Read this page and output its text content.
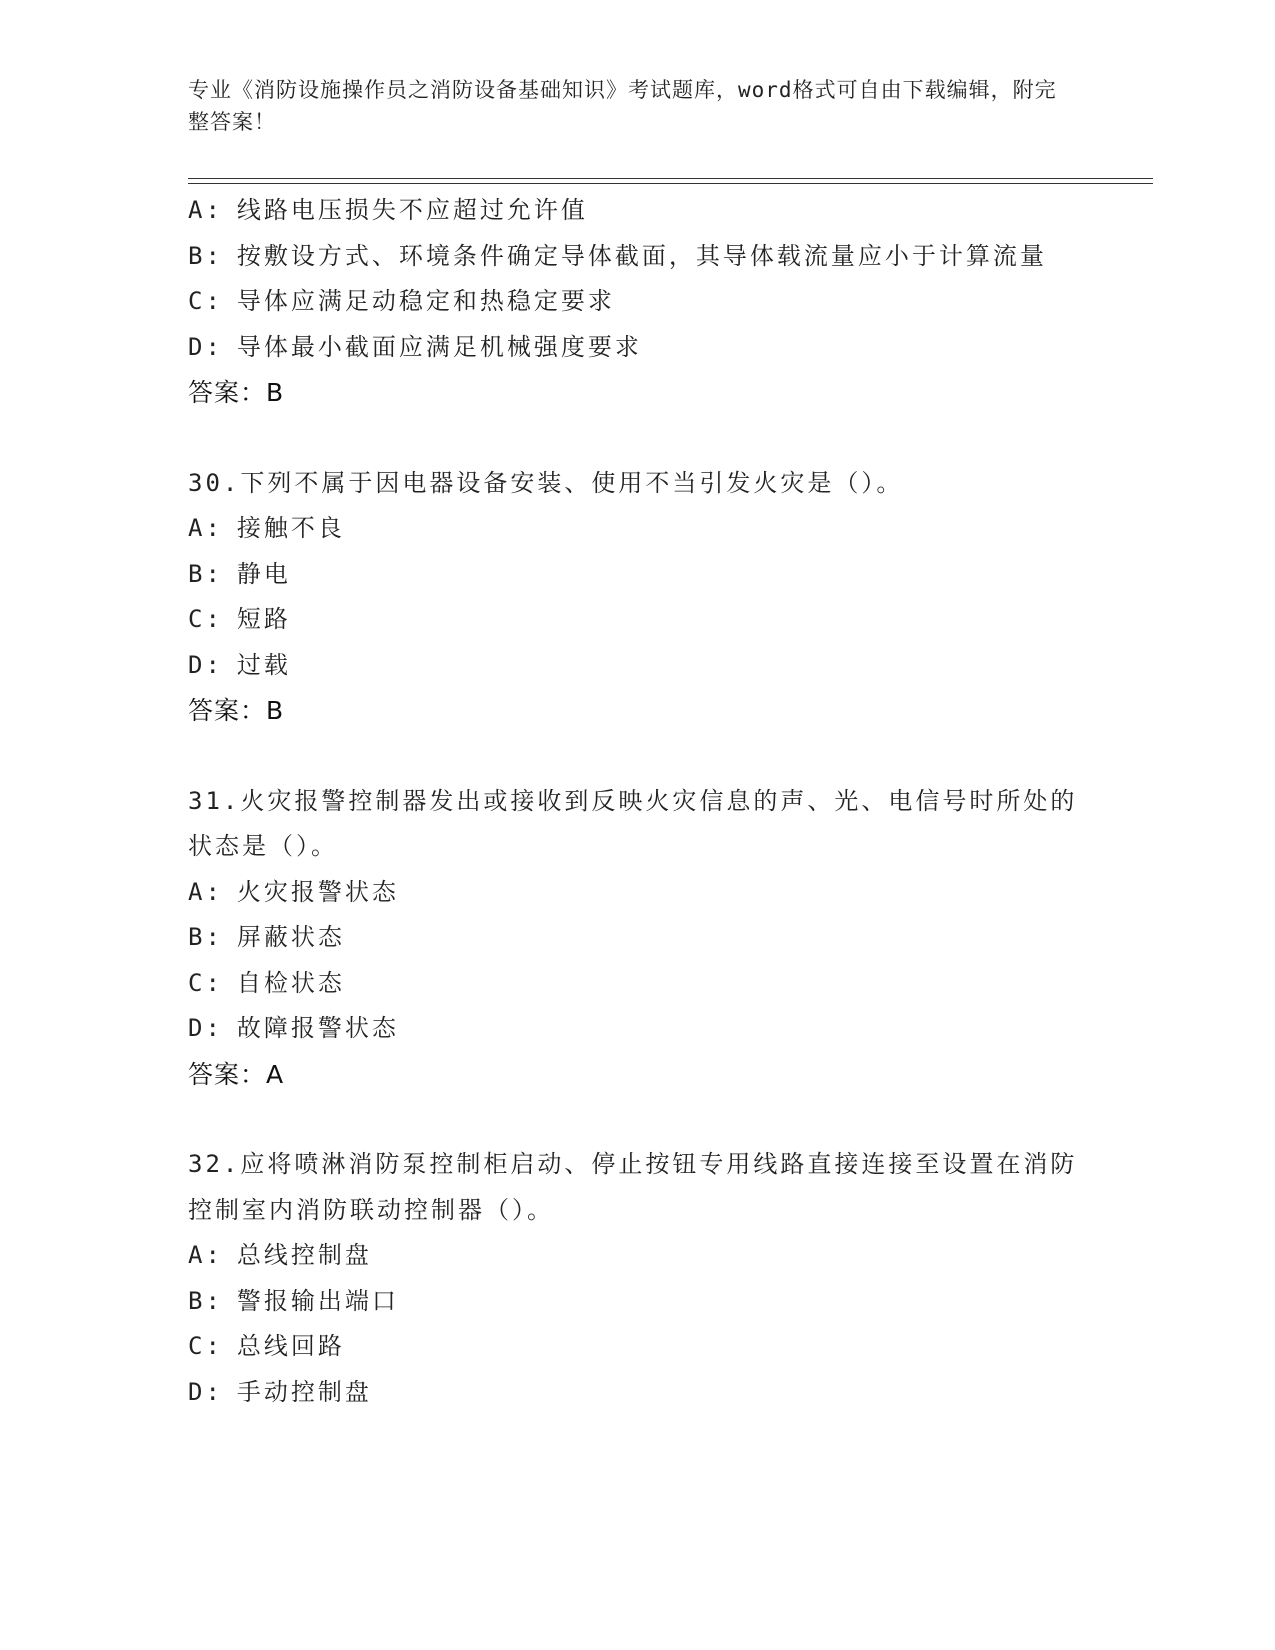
专业《消防设施操作员之消防设备基础知识》考试题库，word格式可自由下载编辑，附完整答案！
A : 线路电压损失不应超过允许值
B : 按敷设方式、环境条件确定导体截面，其导体载流量应小于计算流量
C : 导体应满足动稳定和热稳定要求
D : 导体最小截面应满足机械强度要求
答案：B
30.下列不属于因电器设备安装、使用不当引发火灾是（）。
A : 接触不良
B : 静电
C : 短路
D : 过载
答案：B
31.火灾报警控制器发出或接收到反映火灾信息的声、光、电信号时所处的状态是（）。
A : 火灾报警状态
B : 屏蔽状态
C : 自检状态
D : 故障报警状态
答案：A
32.应将喷淋消防泵控制柜启动、停止按钮专用线路直接连接至设置在消防控制室内消防联动控制器（）。
A : 总线控制盘
B : 警报输出端口
C : 总线回路
D : 手动控制盘
